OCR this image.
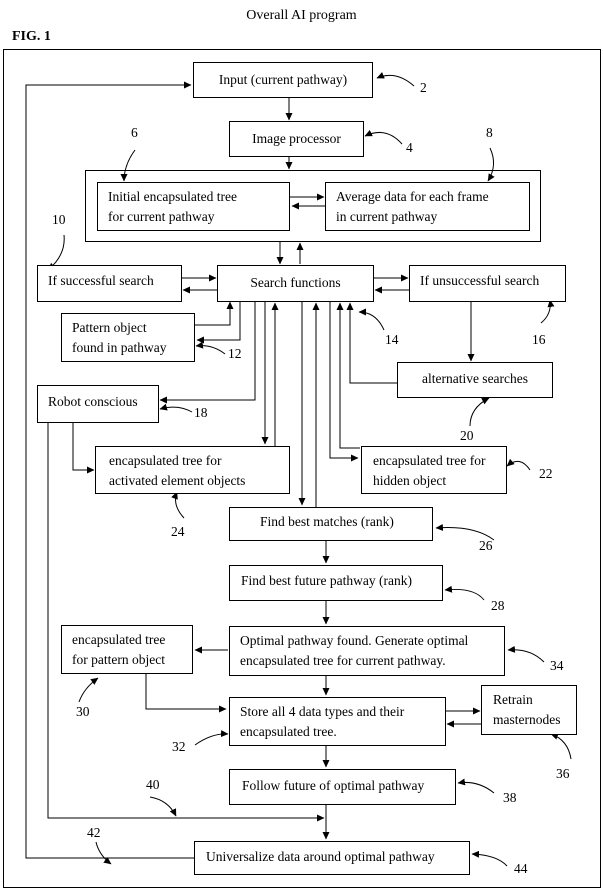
Overall AI program
FIG. 1
Input (current pathway)
Image processor
Initial encapsulated tree
for current pathway
Average data for each frame
in current pathway
If successful search	Search functions	If unsuccessful search
Pattern object
found in pathway
Robot conscious
alternative searches
encapsulated tree for
activated element objects
encapsulated tree for
hidden object
Find best matches (rank)
Find best future pathway (rank)
Optimal pathway found. Generate optimal
encapsulated tree for current pathway.
encapsulated tree
for pattern object
Store all 4 data types and their
encapsulated tree.
Retrain
masternodes
Follow future of optimal pathway
Universalize data around optimal pathway
2
4
6	8
10
12
14	16
18
20
22
24
26
28
30
32
34
36
38
40
42
44
